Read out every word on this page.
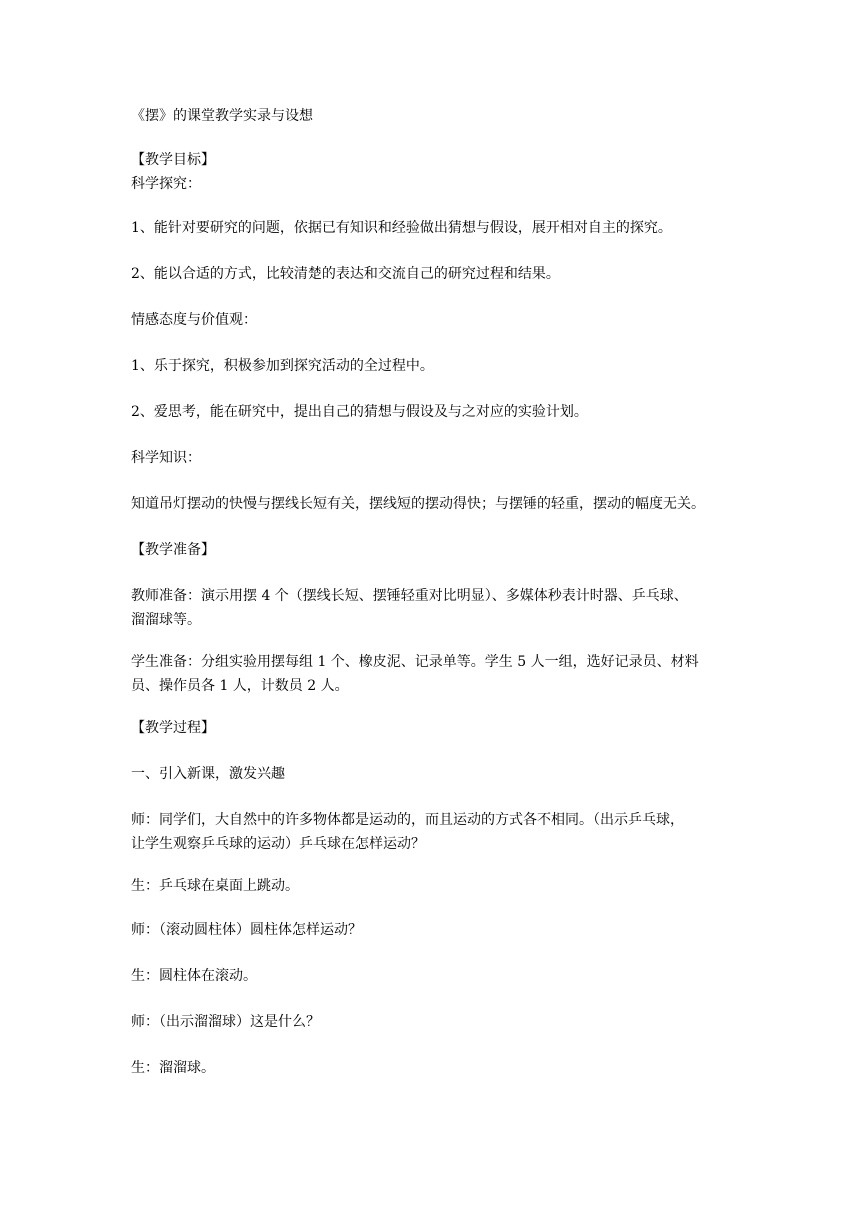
《摆》的课堂教学实录与设想
【教学目标】
科学探究：
1、能针对要研究的问题，依据已有知识和经验做出猜想与假设，展开相对自主的探究。
2、能以合适的方式，比较清楚的表达和交流自己的研究过程和结果。
情感态度与价值观：
1、乐于探究，积极参加到探究活动的全过程中。
2、爱思考，能在研究中，提出自己的猜想与假设及与之对应的实验计划。
科学知识：
知道吊灯摆动的快慢与摆线长短有关，摆线短的摆动得快；与摆锤的轻重，摆动的幅度无关。
【教学准备】
教师准备：演示用摆 4 个（摆线长短、摆锤轻重对比明显）、多媒体秒表计时器、乒乓球、
溜溜球等。
学生准备：分组实验用摆每组 1 个、橡皮泥、记录单等。学生 5 人一组，选好记录员、材料
员、操作员各 1 人，计数员 2 人。
【教学过程】
一、引入新课，激发兴趣
师：同学们，大自然中的许多物体都是运动的，而且运动的方式各不相同。（出示乒乓球，
让学生观察乒乓球的运动）乒乓球在怎样运动？
生：乒乓球在桌面上跳动。
师：（滚动圆柱体）圆柱体怎样运动？
生：圆柱体在滚动。
师：（出示溜溜球）这是什么？
生：溜溜球。
